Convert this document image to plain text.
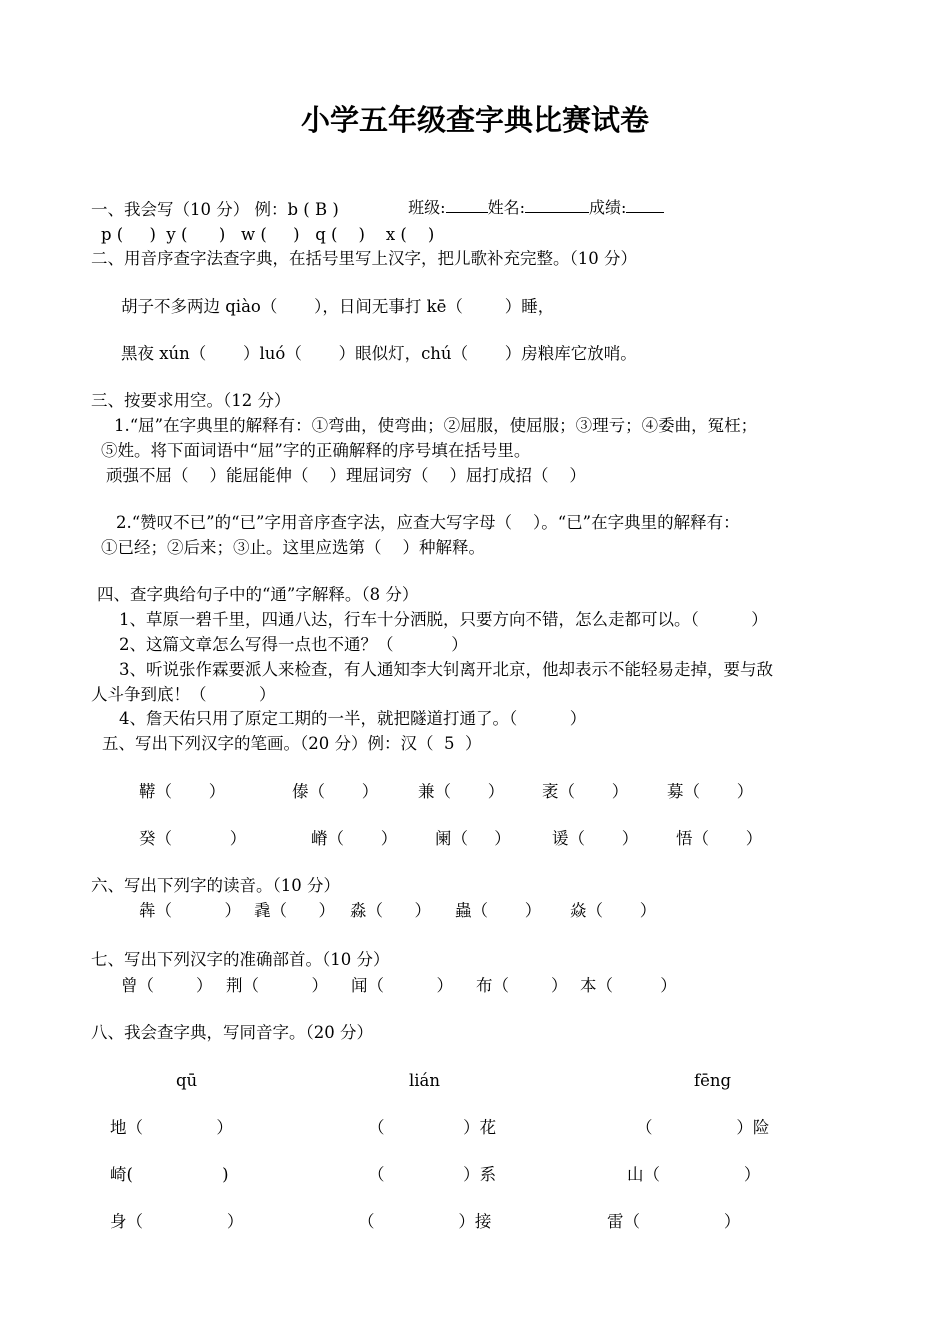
小学五年级查字典比赛试卷

班级:	姓名:	成绩:

一、我会写（10 分） 例：b ( B )
p (     )  y (      )   w (     )   q (    )    x (    )
二、用音序查字法查字典，在括号里写上汉字，把儿歌补充完整。（10 分）
胡子不多两边 qiào（       ），日间无事打 kē（        ）睡，
黑夜 xún（       ）luó（       ）眼似灯，chú（       ）房粮库它放哨。
三、按要求用空。（12 分）
1.“屈”在字典里的解释有：①弯曲，使弯曲；②屈服，使屈服；③理亏；④委曲，冤枉；
⑤姓。将下面词语中“屈”字的正确解释的序号填在括号里。
顽强不屈（    ）能屈能伸（    ）理屈词穷（    ）屈打成招（    ）
2.“赞叹不已”的“已”字用音序查字法，应查大写字母（    ）。“已”在字典里的解释有：
①已经；②后来；③止。这里应选第（    ）种解释。
四、查字典给句子中的“通”字解释。（8 分）
1、草原一碧千里，四通八达，行车十分洒脱，只要方向不错，怎么走都可以。（          ）
2、这篇文章怎么写得一点也不通？（           ）
3、听说张作霖要派人来检查，有人通知李大钊离开北京，他却表示不能轻易走掉，要与敌
人斗争到底！（          ）
4、詹天佑只用了原定工期的一半，就把隧道打通了。（          ）
五、写出下列汉字的笔画。（20 分）例：汉（  5  ）
鞯（       ）	傣（       ） 兼（       ） 袤（       ） 募（       ）
癸（           ）	嵴（       ） 阑（     ）	谖（       ） 悟（       ）
六、写出下列字的读音。（10 分）
犇（          ） 毳（      ） 淼（      ） 蟲（       ） 焱（       ）
七、写出下列汉字的准确部首。（10 分）
曾（        ） 荆（          ） 闻（          ） 布（        ） 本（         ）
八、我会查字典，写同音字。（20 分）
qū	lián	fēng
地（              ）	（               ）花	（                ）险
崎(                 )	（               ）系	山（                ）
身（                ）	（                ）接	雷（                ）
